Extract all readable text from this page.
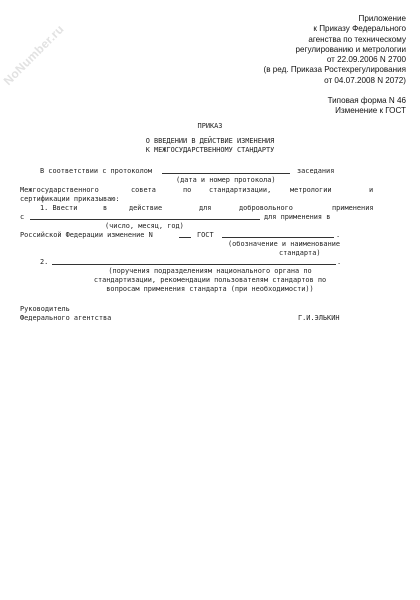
NoNumber.ru
Приложение
к Приказу Федерального
агенства по техническому
регулированию и метрологии
от 22.09.2006 N 2700
(в ред. Приказа Ростехрегулирования
от 04.07.2008 N 2072)
Типовая форма N 46
Изменение к ГОСТ
ПРИКАЗ
О ВВЕДЕНИИ В ДЕЙСТВИЕ ИЗМЕНЕНИЯ
К МЕЖГОСУДАРСТВЕННОМУ СТАНДАРТУ
В соответствии с протоколом	заседания
(дата и номер протокола)
Межгосударственного	совета	по	стандартизации,	метрологии	и
сертификации приказываю:
1. Ввести	в	действие	для	добровольного	применения
с	для применения в
(число, месяц, год)
Российской Федерации изменение N	ГОСТ	.
(обозначение и наименование
стандарта)
2.	.
(поручения подразделениям национального органа по
стандартизации, рекомендации пользователям стандартов по
вопросам применения стандарта (при необходимости))
Руководитель
Федерального агентства	Г.И.ЭЛЬКИН
